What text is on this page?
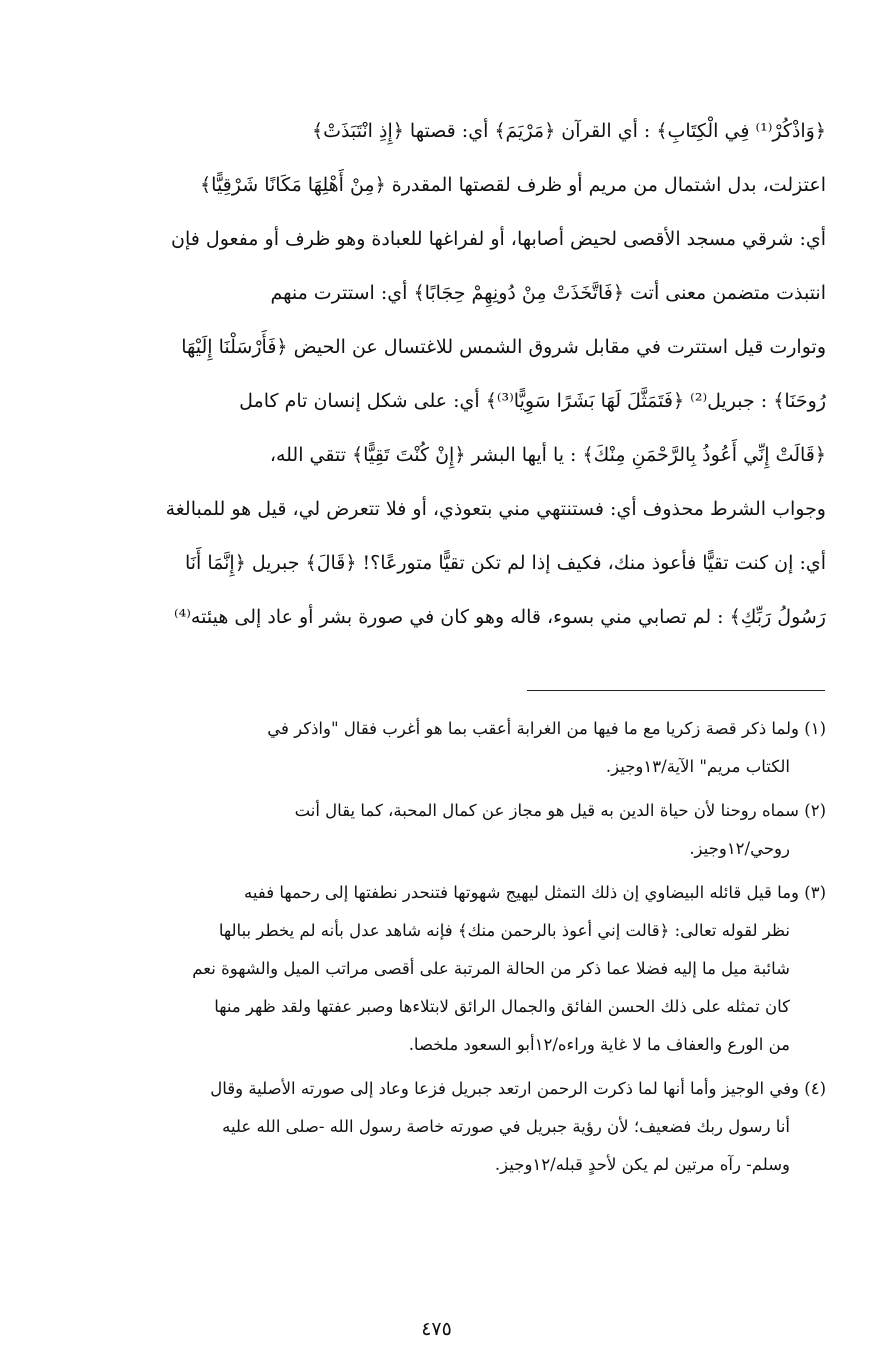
﴿وَاذْكُرْ⁽¹⁾ فِي الْكِتَابِ﴾ : أي القرآن ﴿مَرْيَمَ﴾ أي: قصتها ﴿إِذِ انْتَبَذَتْ﴾
اعتزلت، بدل اشتمال من مريم أو ظرف لقصتها المقدرة ﴿مِنْ أَهْلِهَا مَكَانًا شَرْقِيًّا﴾
أي: شرقي مسجد الأقصى لحيض أصابها، أو لفراغها للعبادة وهو ظرف أو مفعول فإن
انتبذت متضمن معنى أتت ﴿فَاتَّخَذَتْ مِنْ دُونِهِمْ حِجَابًا﴾ أي: استترت منهم
وتوارت قيل استترت في مقابل شروق الشمس للاغتسال عن الحيض ﴿فَأَرْسَلْنَا إِلَيْهَا
رُوحَنَا﴾ : جبريل⁽²⁾ ﴿فَتَمَثَّلَ لَهَا بَشَرًا سَوِيًّا⁽³⁾﴾ أي: على شكل إنسان تام كامل
﴿قَالَتْ إِنِّي أَعُوذُ بِالرَّحْمَنِ مِنْكَ﴾ : يا أيها البشر ﴿إِنْ كُنْتَ تَقِيًّا﴾ تتقي الله،
وجواب الشرط محذوف أي: فستنتهي مني بتعوذي، أو فلا تتعرض لي، قيل هو للمبالغة
أي: إن كنت تقيًّا فأعوذ منك، فكيف إذا لم تكن تقيًّا متورعًا؟! ﴿قَالَ﴾ جبريل ﴿إِنَّمَا أَنَا
رَسُولُ رَبِّكِ﴾ : لم تصابي مني بسوء، قاله وهو كان في صورة بشر أو عاد إلى هيئته⁽⁴⁾
(١) ولما ذكر قصة زكريا مع ما فيها من الغرابة أعقب بما هو أغرب فقال "واذكر في
الكتاب مريم" الآية/١٣وجيز.
(٢) سماه روحنا لأن حياة الدين به قيل هو مجاز عن كمال المحبة، كما يقال أنت
روحي/١٢وجيز.
(٣) وما قيل قائله البيضاوي إن ذلك التمثل ليهيج شهوتها فتنحدر نطفتها إلى رحمها ففيه
نظر لقوله تعالى: ﴿قالت إني أعوذ بالرحمن منك﴾ فإنه شاهد عدل بأنه لم يخطر ببالها
شائبة ميل ما إليه فضلا عما ذكر من الحالة المرتبة على أقصى مراتب الميل والشهوة نعم
كان تمثله على ذلك الحسن الفائق والجمال الرائق لابتلاءها وصبر عفتها ولقد ظهر منها
من الورع والعفاف ما لا غاية وراءه/١٢أبو السعود ملخصا.
(٤) وفي الوجيز وأما أنها لما ذكرت الرحمن ارتعد جبريل فزعا وعاد إلى صورته الأصلية وقال
أنا رسول ربك فضعيف؛ لأن رؤية جبريل في صورته خاصة رسول الله -صلى الله عليه
وسلم- رآه مرتين لم يكن لأحدٍ قبله/١٢وجيز.
٤٧٥
